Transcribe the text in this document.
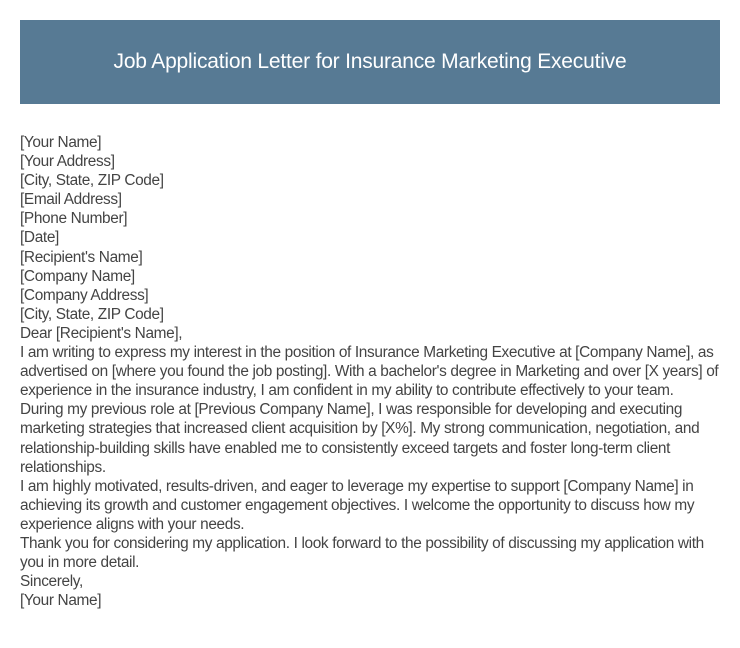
Job Application Letter for Insurance Marketing Executive

[Your Name]

[Your Address]

[City, State, ZIP Code]

[Email Address]

[Phone Number]

[Date]

[Recipient's Name]

[Company Name]

[Company Address]

[City, State, ZIP Code]

Dear [Recipient's Name],

I am writing to express my interest in the position of Insurance Marketing Executive at [Company Name], as advertised on [where you found the job posting]. With a bachelor's degree in Marketing and over [X years] of experience in the insurance industry, I am confident in my ability to contribute effectively to your team.

During my previous role at [Previous Company Name], I was responsible for developing and executing marketing strategies that increased client acquisition by [X%]. My strong communication, negotiation, and relationship-building skills have enabled me to consistently exceed targets and foster long-term client relationships.

I am highly motivated, results-driven, and eager to leverage my expertise to support [Company Name] in achieving its growth and customer engagement objectives. I welcome the opportunity to discuss how my experience aligns with your needs.

Thank you for considering my application. I look forward to the possibility of discussing my application with you in more detail.

Sincerely,

[Your Name]
